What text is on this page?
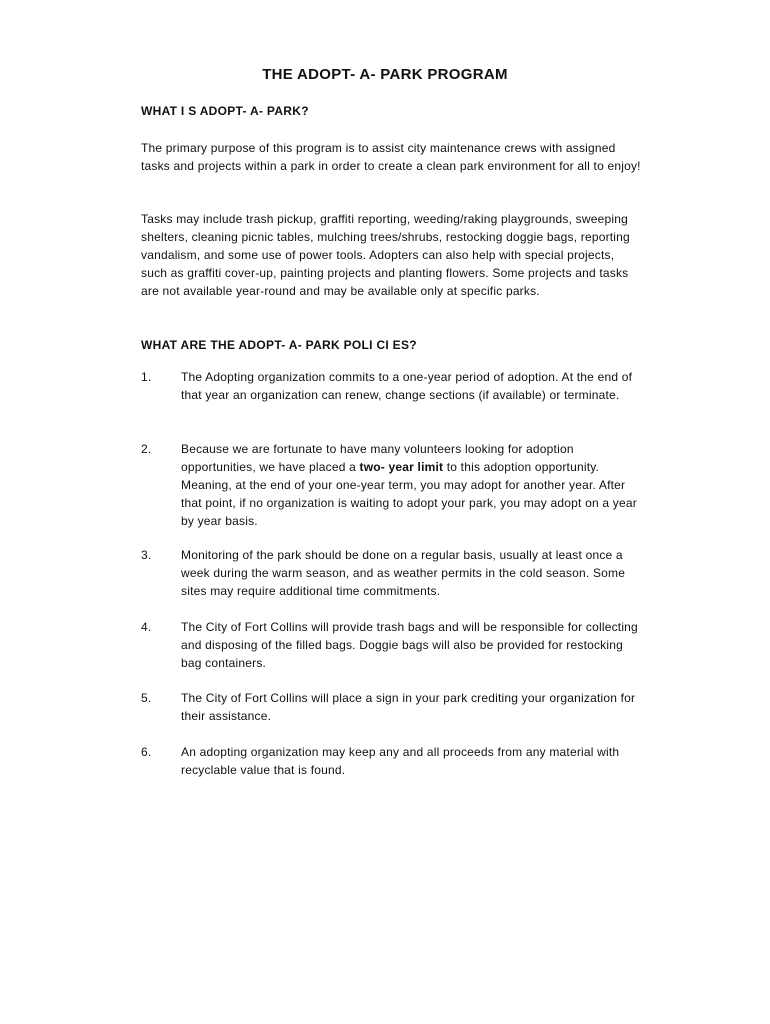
THE ADOPT- A- PARK PROGRAM
WHAT I S ADOPT- A- PARK?
The primary purpose of this program is to assist city maintenance crews with assigned tasks and projects within a park in order to create a clean park environment for all to enjoy!
Tasks may include trash pickup, graffiti reporting, weeding/raking playgrounds, sweeping shelters, cleaning picnic tables, mulching trees/shrubs, restocking doggie bags, reporting vandalism, and some use of power tools. Adopters can also help with special projects, such as graffiti cover-up, painting projects and planting flowers. Some projects and tasks are not available year-round and may be available only at specific parks.
WHAT ARE THE ADOPT- A- PARK POLI CI ES?
1.	The Adopting organization commits to a one-year period of adoption. At the end of that year an organization can renew, change sections (if available) or terminate.
2.	Because we are fortunate to have many volunteers looking for adoption opportunities, we have placed a two- year limit to this adoption opportunity. Meaning, at the end of your one-year term, you may adopt for another year. After that point, if no organization is waiting to adopt your park, you may adopt on a year by year basis.
3.	Monitoring of the park should be done on a regular basis, usually at least once a week during the warm season, and as weather permits in the cold season. Some sites may require additional time commitments.
4.	The City of Fort Collins will provide trash bags and will be responsible for collecting and disposing of the filled bags. Doggie bags will also be provided for restocking bag containers.
5.	The City of Fort Collins will place a sign in your park crediting your organization for their assistance.
6.	An adopting organization may keep any and all proceeds from any material with recyclable value that is found.
